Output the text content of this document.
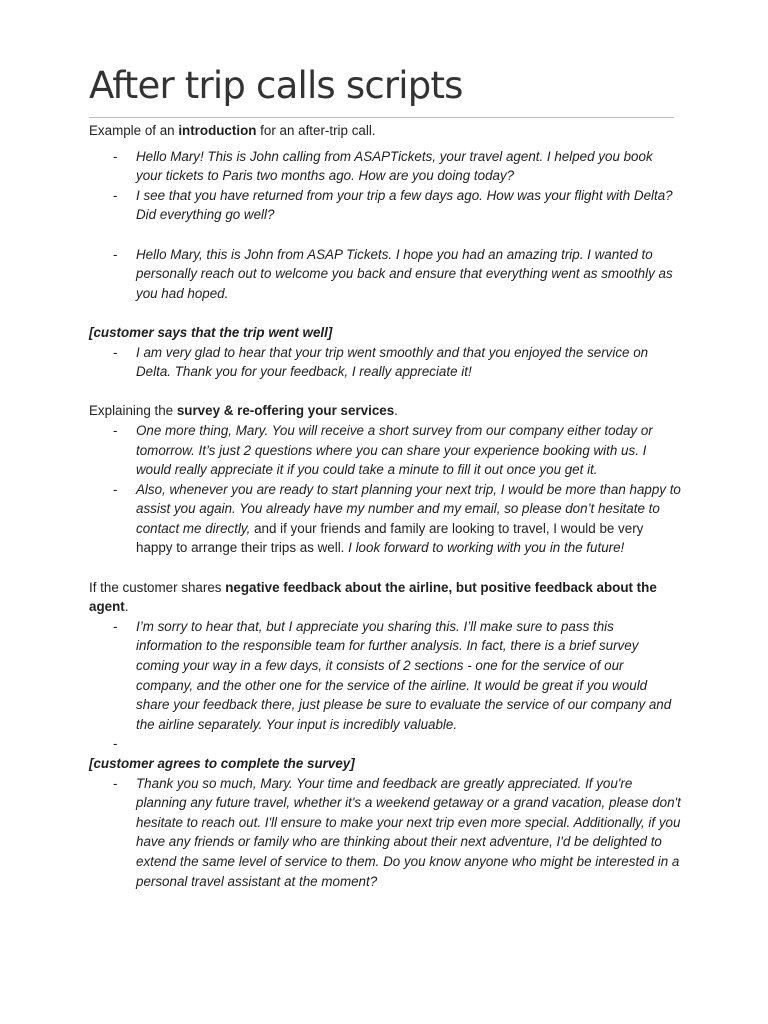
After trip calls scripts

Example of an introduction for an after-trip call.

- Hello Mary! This is John calling from ASAPTickets, your travel agent. I helped you book your tickets to Paris two months ago. How are you doing today?
- I see that you have returned from your trip a few days ago. How was your flight with Delta? Did everything go well?
- Hello Mary, this is John from ASAP Tickets. I hope you had an amazing trip. I wanted to personally reach out to welcome you back and ensure that everything went as smoothly as you had hoped.

[customer says that the trip went well]

- I am very glad to hear that your trip went smoothly and that you enjoyed the service on Delta. Thank you for your feedback, I really appreciate it!

Explaining the survey & re-offering your services.

- One more thing, Mary. You will receive a short survey from our company either today or tomorrow. It’s just 2 questions where you can share your experience booking with us. I would really appreciate it if you could take a minute to fill it out once you get it.
- Also, whenever you are ready to start planning your next trip, I would be more than happy to assist you again. You already have my number and my email, so please don’t hesitate to contact me directly, and if your friends and family are looking to travel, I would be very happy to arrange their trips as well. I look forward to working with you in the future!

If the customer shares negative feedback about the airline, but positive feedback about the agent.

- I’m sorry to hear that, but I appreciate you sharing this. I’ll make sure to pass this information to the responsible team for further analysis. In fact, there is a brief survey coming your way in a few days, it consists of 2 sections - one for the service of our company, and the other one for the service of the airline. It would be great if you would share your feedback there, just please be sure to evaluate the service of our company and the airline separately. Your input is incredibly valuable.
-

[customer agrees to complete the survey]

- Thank you so much, Mary. Your time and feedback are greatly appreciated. If you're planning any future travel, whether it's a weekend getaway or a grand vacation, please don't hesitate to reach out. I'll ensure to make your next trip even more special. Additionally, if you have any friends or family who are thinking about their next adventure, I'd be delighted to extend the same level of service to them. Do you know anyone who might be interested in a personal travel assistant at the moment?
